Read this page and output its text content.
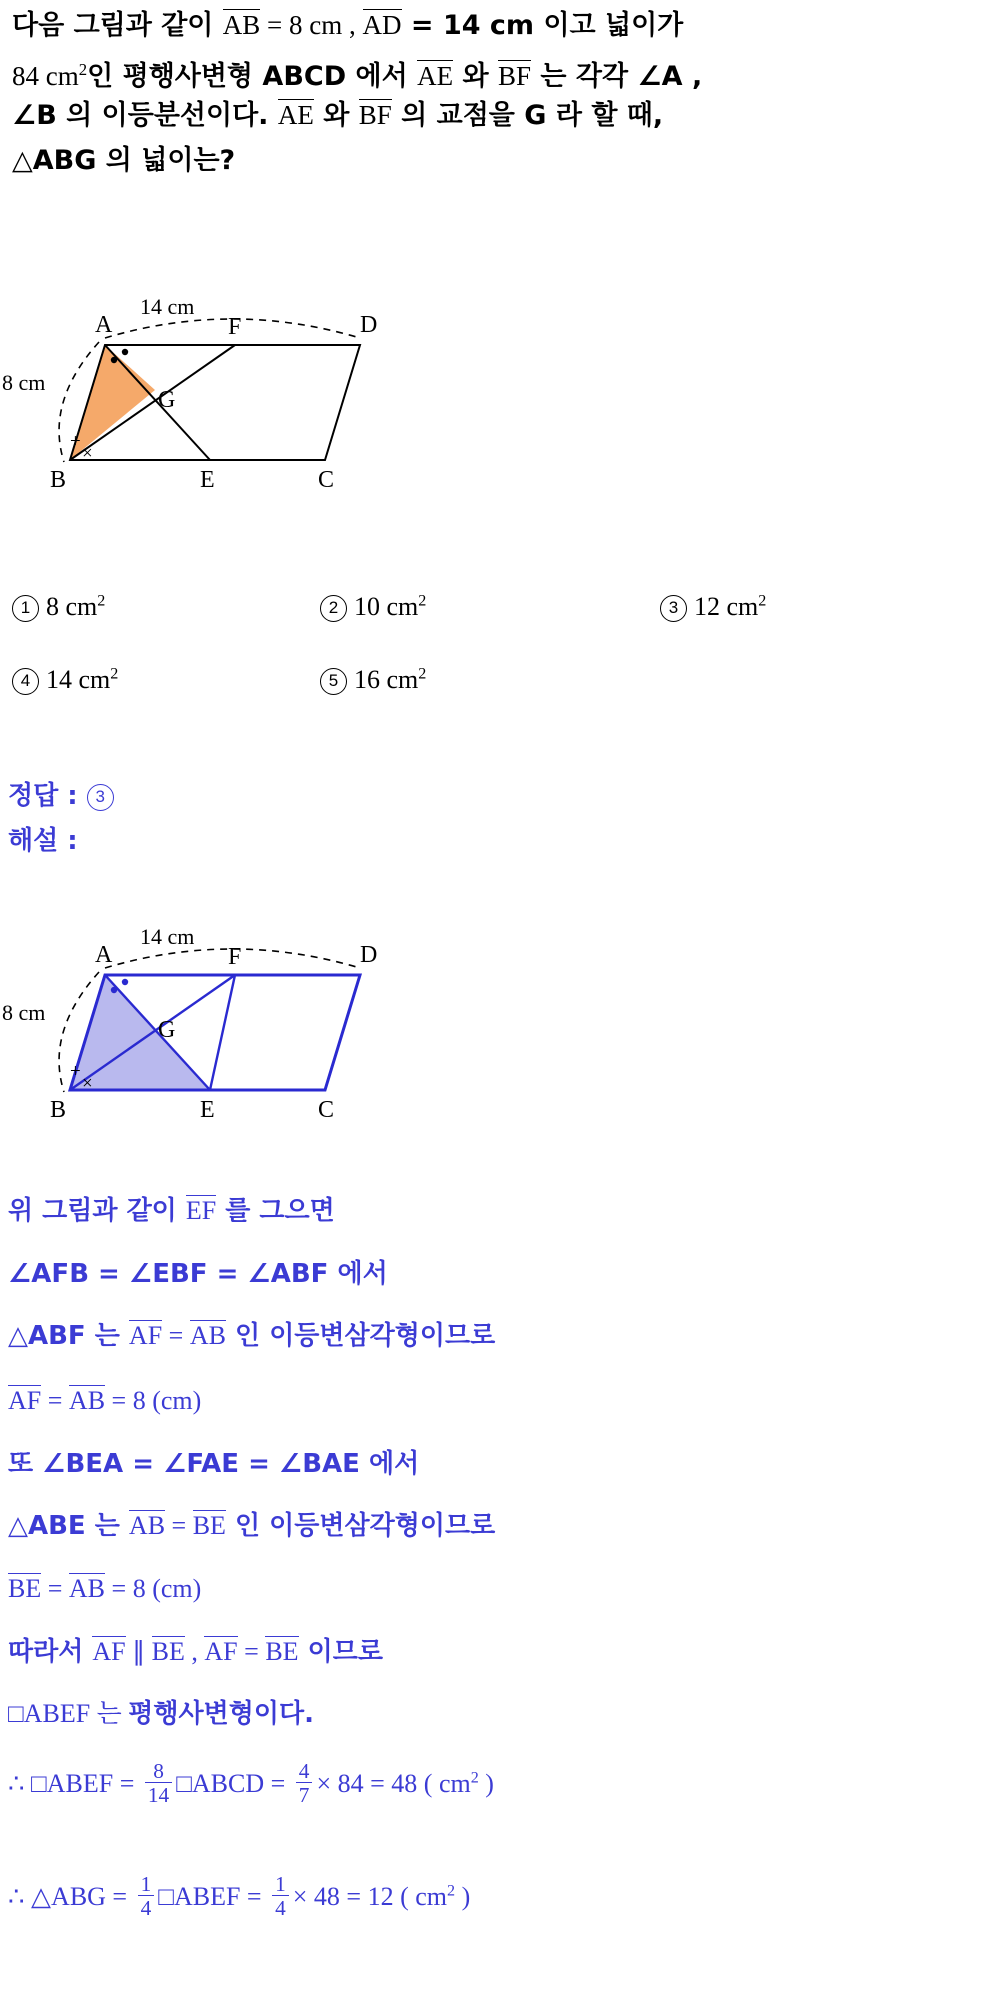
다음 그림과 같이 AB = 8 cm , AD = 14 cm 이고 넓이가
84 $cm^2$인 평행사변형 ABCD 에서 AE 와 BF 는 각각 ∠A ,
∠B 의 이등분선이다. AE 와 BF 의 교점을 G 라 할 때,
△ABG 의 넓이는?
A
B	C
D
E
F
G
14 cm
8 cm
+
×
1 8 $cm^2$	2 10 $cm^2$	3 12 $cm^2$
4 14 $cm^2$	5 16 $cm^2$
정답 : 3
해설 :
A
B	C
D
E
F
G
14 cm
8 cm
+
×
위 그림과 같이 EF 를 그으면
∠AFB = ∠EBF = ∠ABF 에서
△ABF 는 AF = AB 인 이등변삼각형이므로
AF = AB = 8 (cm)
또 ∠BEA = ∠FAE = ∠BAE 에서
△ABE 는 AB = BE 인 이등변삼각형이므로
BE = AB = 8 (cm)
따라서 AF ∥ BE , AF = BE 이므로
□ABEF 는 평행사변형이다.
∴ □ABEF = $\frac{8}{14}$ □ABCD = $\frac{4}{7} \times 84 = 48$ ( $cm^2$ )
∴ △ABG = $\frac{1}{4}$ □ABEF = $\frac{1}{4} \times 48 = 12$ ( $cm^2$ )
